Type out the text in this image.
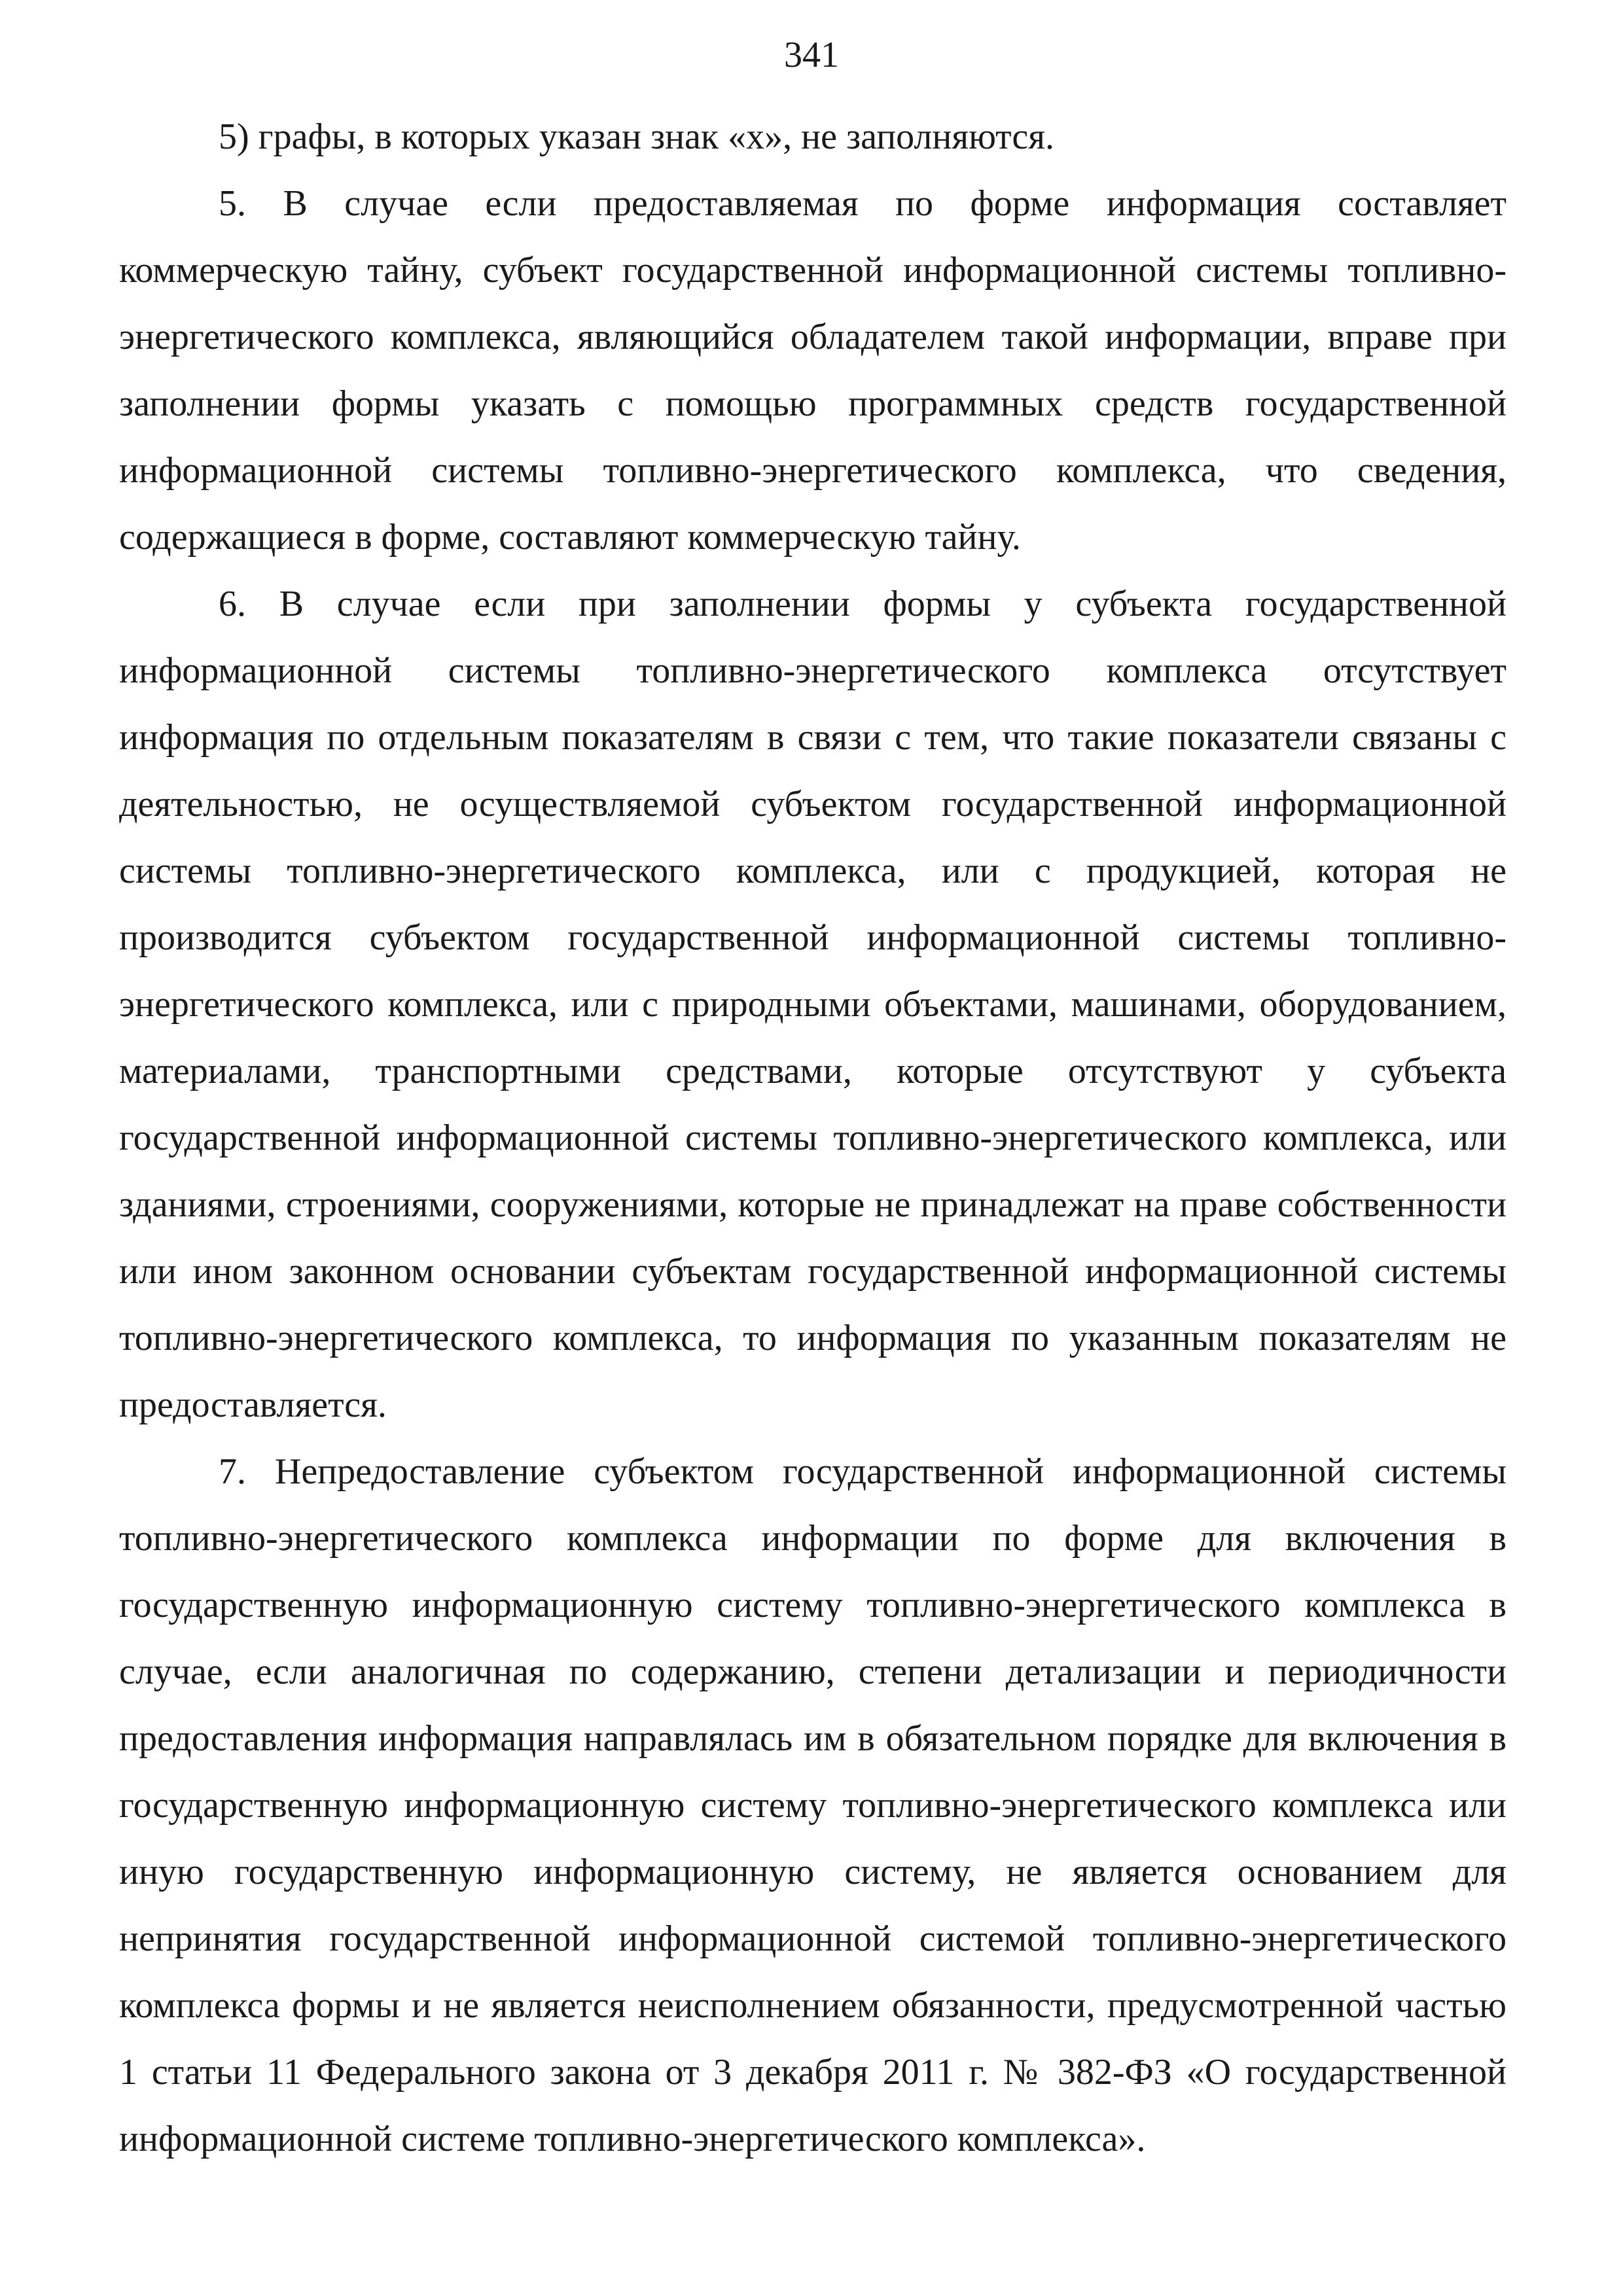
341

5) графы, в которых указан знак «х», не заполняются.

5. В случае если предоставляемая по форме информация составляет коммерческую тайну, субъект государственной информационной системы топливно-энергетического комплекса, являющийся обладателем такой информации, вправе при заполнении формы указать с помощью программных средств государственной информационной системы топливно-энергетического комплекса, что сведения, содержащиеся в форме, составляют коммерческую тайну.

6. В случае если при заполнении формы у субъекта государственной информационной системы топливно-энергетического комплекса отсутствует информация по отдельным показателям в связи с тем, что такие показатели связаны с деятельностью, не осуществляемой субъектом государственной информационной системы топливно-энергетического комплекса, или с продукцией, которая не производится субъектом государственной информационной системы топливно-энергетического комплекса, или с природными объектами, машинами, оборудованием, материалами, транспортными средствами, которые отсутствуют у субъекта государственной информационной системы топливно-энергетического комплекса, или зданиями, строениями, сооружениями, которые не принадлежат на праве собственности или ином законном основании субъектам государственной информационной системы топливно-энергетического комплекса, то информация по указанным показателям не предоставляется.

7. Непредоставление субъектом государственной информационной системы топливно-энергетического комплекса информации по форме для включения в государственную информационную систему топливно-энергетического комплекса в случае, если аналогичная по содержанию, степени детализации и периодичности предоставления информация направлялась им в обязательном порядке для включения в государственную информационную систему топливно-энергетического комплекса или иную государственную информационную систему, не является основанием для непринятия государственной информационной системой топливно-энергетического комплекса формы и не является неисполнением обязанности, предусмотренной частью 1 статьи 11 Федерального закона от 3 декабря 2011 г. № 382-ФЗ «О государственной информационной системе топливно-энергетического комплекса».
